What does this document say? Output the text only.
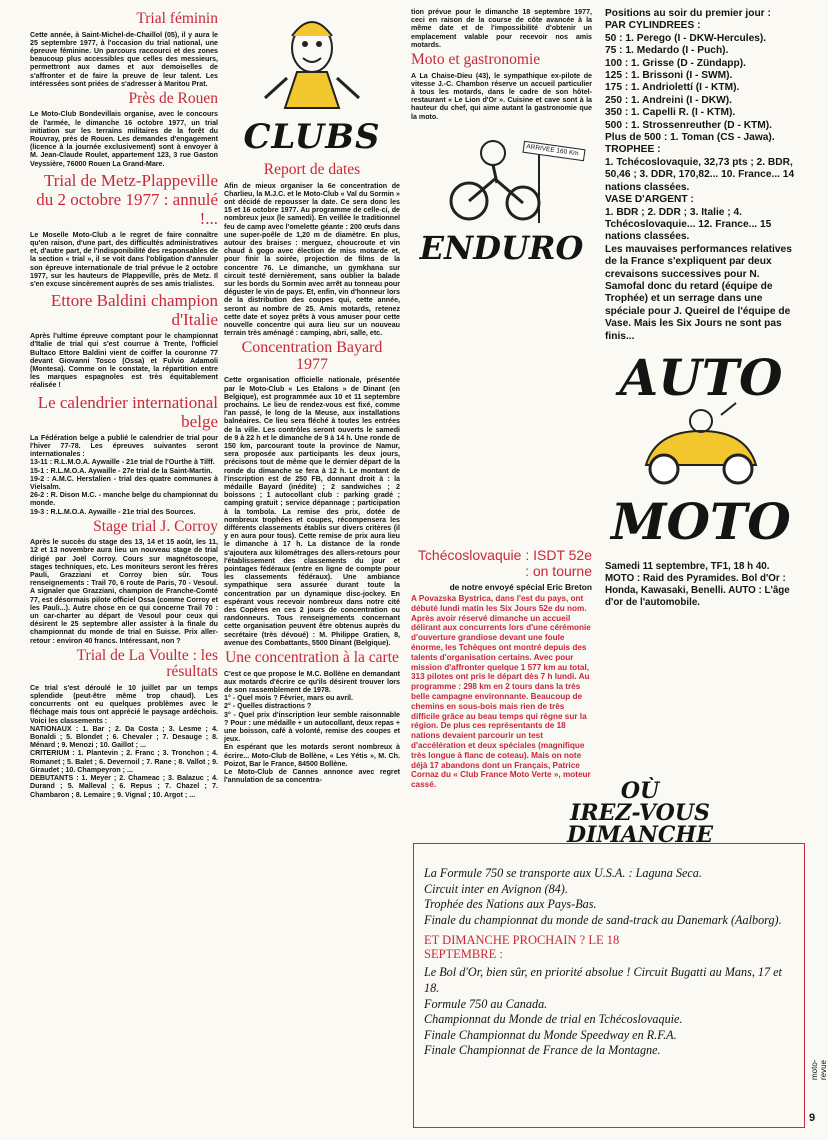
Trial féminin

Cette année, à Saint-Michel-de-Chaillol (05), il y aura le 25 septembre 1977, à l'occasion du trial national, une épreuve féminine. Un parcours raccourci et des zones beaucoup plus accessibles que celles des messieurs, permettront aux dames et aux demoiselles de s'affronter et de faire la preuve de leur talent. Les intéressées sont priées de s'adresser à Maritou Prat.

Près de Rouen

Le Moto-Club Bondevillais organise, avec le concours de l'armée, le dimanche 16 octobre 1977, un trial initiation sur les terrains militaires de la forêt du Rouvray, près de Rouen. Les demandes d'engagement (licence à la journée exclusivement) sont à envoyer à M. Jean-Claude Roulet, appartement 123, 3 rue Gaston Veyssière, 76000 Rouen La Grand-Mare.

Trial de Metz-Plappeville du 2 octobre 1977 : annulé !...

Le Moselle Moto-Club a le regret de faire connaître qu'en raison, d'une part, des difficultés administratives et, d'autre part, de l'indisponibilité des responsables de la section « trial », il se voit dans l'obligation d'annuler son épreuve internationale de trial prévue le 2 octobre 1977, sur les hauteurs de Plappeville, près de Metz. Il s'en excuse sincèrement auprès de ses amis trialistes.

Ettore Baldini champion d'Italie

Après l'ultime épreuve comptant pour le championnat d'Italie de trial qui s'est courrue à Trente, l'officiel Bultaco Ettore Baldini vient de coiffer la couronne 77 devant Giovanni Tosco (Ossa) et Fulvio Adamoli (Montesa). Comme on le constate, la répartition entre les marques espagnoles est très équitablement réalisée !

Le calendrier international belge

La Fédération belge a publié le calendrier de trial pour l'hiver 77-78. Les épreuves suivantes seront internationales :
13-11 : R.L.M.O.A. Aywaille - 21e trial de l'Ourthe à Tilff.
15-1 : R.L.M.O.A. Aywaille - 27e trial de la Saint-Martin.
19-2 : A.M.C. Herstalien - trial des quatre communes à Vielsalm.
26-2 : R. Dison M.C. - manche belge du championnat du monde.
19-3 : R.L.M.O.A. Aywaille - 21e trial des Sources.

Stage trial J. Corroy

Après le succès du stage des 13, 14 et 15 août, les 11, 12 et 13 novembre aura lieu un nouveau stage de trial dirigé par Joël Corroy. Cours sur magnétoscope, stages techniques, etc. Les moniteurs seront les frères Pauli, Grazziani et Corroy bien sûr. Tous renseignements : Trail 70, 6 route de Paris, 70 - Vesoul. A signaler que Grazziani, champion de Franche-Comté 77, est désormais pilote officiel Ossa (comme Corroy et les Pauli...). Autre chose en ce qui concerne Trail 70 : un car-charter au départ de Vesoul pour ceux qui désirent le 25 septembre aller assister à la finale du championnat du monde de trial en Suisse. Prix aller-retour : environ 40 francs. Intéressant, non ?

Trial de La Voulte : les résultats

Ce trial s'est déroulé le 10 juillet par un temps splendide (peut-être même trop chaud). Les concurrents ont eu quelques problèmes avec le fléchage mais tous ont apprécié le paysage ardéchois. Voici les classements :
NATIONAUX : 1. Bar ; 2. Da Costa ; 3. Lesme ; 4. Bonaldi ; 5. Blondet ; 6. Chevaler ; 7. Desauge ; 8. Ménard ; 9. Menozi ; 10. Gaillot ; ...
CRITERIUM : 1. Plantevin ; 2. Franc ; 3. Tronchon ; 4. Romanet ; 5. Balet ; 6. Devernoil ; 7. Rane ; 8. Vallot ; 9. Giraudet ; 10. Champeyron ; ...
DEBUTANTS : 1. Meyer ; 2. Chameac ; 3. Balazuc ; 4. Durand ; 5. Malleval ; 6. Repus ; 7. Chazel ; 7. Chambaron ; 8. Lemaire ; 9. Vignal ; 10. Argot ; ...

CLUBS
Report de dates

Afin de mieux organiser la 6e concentration de Charlieu, la M.J.C. et le Moto-Club « Val du Sormin » ont décidé de repousser la date. Ce sera donc les 15 et 16 octobre 1977. Au programme de celle-ci, de nombreux jeux (le samedi). En veillée le traditionnel feu de camp avec l'omelette géante : 200 œufs dans une super-poêle de 1,20 m de diamètre. En plus, autour des braises : merguez, choucroute et vin chaud à gogo avec élection de miss motarde et, pour finir la soirée, projection de films de la concentre 76. Le dimanche, un gymkhana sur circuit testé dernièrement, sans oublier la balade sur les bords du Sormin avec arrêt au tonneau pour déguster le vin de pays. Et, enfin, vin d'honneur lors de la distribution des coupes qui, cette année, seront au nombre de 25. Amis motards, retenez cette date et soyez prêts à vous amuser pour cette nouvelle concentre qui aura lieu sur un nouveau terrain très aménagé : camping, abri, salle, etc.

Concentration Bayard 1977

Cette organisation officielle nationale, présentée par le Moto-Club « Les Etalons » de Dinant (en Belgique), est programmée aux 10 et 11 septembre prochains. Le lieu de rendez-vous est fixé, comme l'an passé, le long de la Meuse, aux installations balnéaires. Ce lieu sera fléché à toutes les entrées de la ville. Les contrôles seront ouverts le samedi de 9 à 22 h et le dimanche de 9 à 14 h. Une ronde de 150 km, parcourant toute la province de Namur, sera proposée aux participants les deux jours, précisons tout de même que le dernier départ de la ronde du dimanche se fera à 12 h. Le montant de l'inscription est de 250 FB, donnant droit à : la médaille Bayard (inédite) ; 2 sandwiches ; 2 boissons ; 1 autocollant club : parking gradé ; camping gratuit ; service dépannage ; participation à la tombola. La remise des prix, dotée de nombreux trophées et coupes, récompensera les différents classements établis sur divers critères (il y en aura pour tous). Cette remise de prix aura lieu le dimanche à 17 h. La distance de la ronde s'ajoutera aux kilométrages des allers-retours pour l'établissement des classements du jour et pointages fédéraux (entre en ligne de compte pour les classements fédéraux). Une ambiance sympathique sera assurée durant toute la concentration par un dynamique disc-jockey. En espérant vous recevoir nombreux dans notre cité des Copères en ces 2 jours de concentration ou randonneurs. Tous renseignements concernant cette organisation peuvent être obtenus auprès du secrétaire (très dévoué) : M. Philippe Gratien, 8, avenue des Combattants, 5500 Dinant (Belgique).

Une concentration à la carte

C'est ce que propose le M.C. Bollène en demandant aux motards d'écrire ce qu'ils désirent trouver lors de son rassemblement de 1978.
1° - Quel mois ? Février, mars ou avril.
2° - Quelles distractions ?
3° - Quel prix d'inscription leur semble raisonnable ? Pour : une médaille + un autocollant, deux repas + une boisson, café à volonté, remise des coupes et jeux.
En espérant que les motards seront nombreux à écrire... Moto-Club de Bollène, « Les Yétis », M. Ch. Poizot, Bar le France, 84500 Bollène.
Le Moto-Club de Cannes annonce avec regret l'annulation de sa concentra-

tion prévue pour le dimanche 18 septembre 1977, ceci en raison de la course de côte avancée à la même date et de l'impossibilité d'obtenir un emplacement valable pour recevoir nos amis motards.

Moto et gastronomie

A La Chaise-Dieu (43), le sympathique ex-pilote de vitesse J.-C. Chambon réserve un accueil particulier à tous les motards, dans le cadre de son hôtel-restaurant « Le Lion d'Or ». Cuisine et cave sont à la hauteur du chef, qui aime autant la gastronomie que la moto.

ARRIVEE 160 Km
ENDURO
Tchécoslovaquie : ISDT 52e : on tourne

de notre envoyé spécial Eric Breton

A Povazska Bystrica, dans l'est du pays, ont débuté lundi matin les Six Jours 52e du nom. Après avoir réservé dimanche un accueil délirant aux concurrents lors d'une cérémonie d'ouverture grandiose devant une foule énorme, les Tchèques ont montré depuis des talents d'organisation certains. Avec pour mission d'affronter quelque 1 577 km au total, 313 pilotes ont pris le départ dès 7 h lundi. Au programme : 298 km en 2 tours dans la très belle campagne environnante. Beaucoup de chemins en sous-bois mais rien de très difficile grâce au beau temps qui règne sur la région. De plus ces représentants de 18 nations devaient parcourir un test d'accélération et deux spéciales (magnifique très longue à flanc de coteau). Mais on note déjà 17 abandons dont un Français, Patrice Cornaz du « Club France Moto Verte », moteur cassé.

Positions au soir du premier jour :

PAR CYLINDREES :

50 : 1. Perego (I - DKW-Hercules).

75 : 1. Medardo (I - Puch).

100 : 1. Grisse (D - Zündapp).

125 : 1. Brissoni (I - SWM).

175 : 1. Andriolettí (I - KTM).

250 : 1. Andreini (I - DKW).

350 : 1. Capelli R. (I - KTM).

500 : 1. Strossenreuther (D - KTM).

Plus de 500 : 1. Toman (CS - Jawa).

TROPHEE :

1. Tchécoslovaquie, 32,73 pts ; 2. BDR, 50,46 ; 3. DDR, 170,82... 10. France... 14 nations classées.

VASE D'ARGENT :

1. BDR ; 2. DDR ; 3. Italie ; 4. Tchécoslovaquie... 12. France... 15 nations classées.

Les mauvaises performances relatives de la France s'expliquent par deux crevaisons successives pour N. Samofal donc du retard (équipe de Trophée) et un serrage dans une spéciale pour J. Queirel de l'équipe de Vase. Mais les Six Jours ne sont pas finis...

AUTO
MOTO

Samedi 11 septembre, TF1, 18 h 40. MOTO : Raid des Pyramides. Bol d'Or : Honda, Kawasaki, Benelli. AUTO : L'âge d'or de l'automobile.

OÙ IREZ-VOUS DIMANCHE

La Formule 750 se transporte aux U.S.A. : Laguna Seca.

Circuit inter en Avignon (84).

Trophée des Nations aux Pays-Bas.

Finale du championnat du monde de sand-track au Danemark (Aalborg).

ET DIMANCHE PROCHAIN ? LE 18 SEPTEMBRE :

Le Bol d'Or, bien sûr, en priorité absolue ! Circuit Bugatti au Mans, 17 et 18.

Formule 750 au Canada.

Championnat du Monde de trial en Tchécoslovaquie.

Finale Championnat du Monde Speedway en R.F.A.

Finale Championnat de France de la Montagne.

moto-revue
9
